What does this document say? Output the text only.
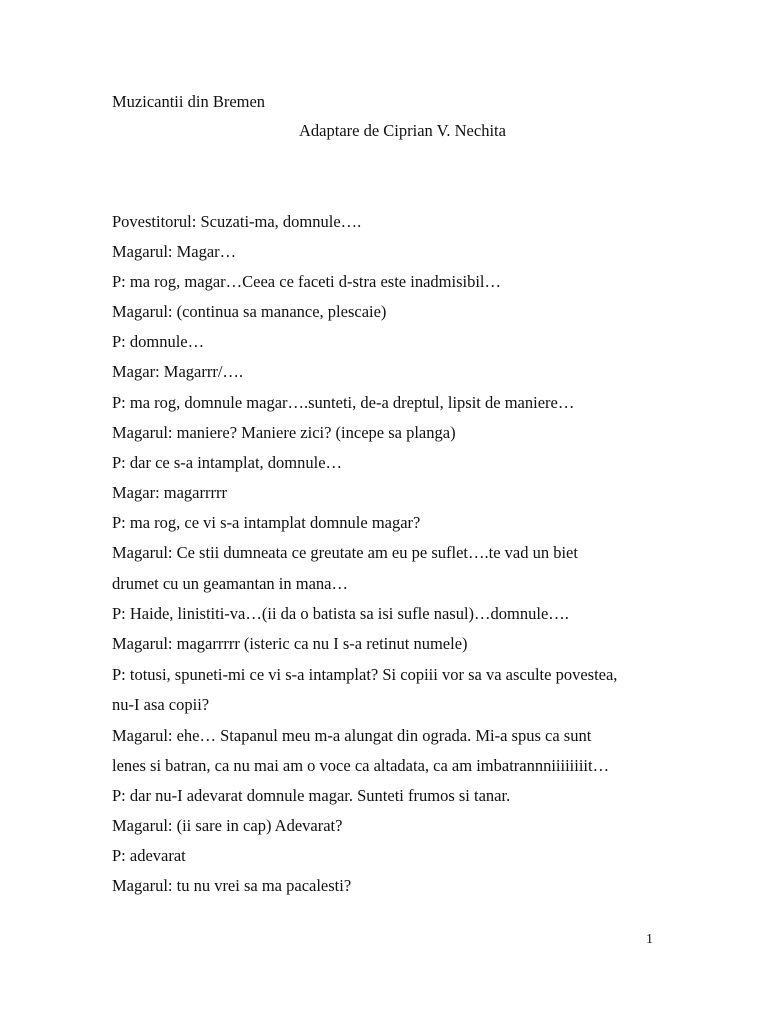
Muzicantii din Bremen
Adaptare de Ciprian V. Nechita
Povestitorul: Scuzati-ma, domnule….
Magarul: Magar…
P: ma rog, magar…Ceea ce faceti d-stra este inadmisibil…
Magarul: (continua sa manance, plescaie)
P: domnule…
Magar: Magarrr/….
P: ma rog, domnule magar….sunteti, de-a dreptul, lipsit de maniere…
Magarul: maniere? Maniere zici? (incepe sa planga)
P: dar ce s-a intamplat, domnule…
Magar: magarrrrr
P: ma rog, ce vi s-a intamplat domnule magar?
Magarul: Ce stii dumneata ce greutate am eu pe suflet….te vad un biet
drumet cu un geamantan in mana…
P: Haide, linistiti-va…(ii da o batista sa isi sufle nasul)…domnule….
Magarul: magarrrrr (isteric ca nu I s-a retinut numele)
P: totusi, spuneti-mi ce vi s-a intamplat? Si copiii vor sa va asculte povestea,
nu-I asa copii?
Magarul: ehe… Stapanul meu m-a alungat din ograda. Mi-a spus ca sunt
lenes si batran, ca nu mai am o voce ca altadata, ca am imbatrannniiiiiiiit…
P: dar nu-I adevarat domnule magar. Sunteti frumos si tanar.
Magarul: (ii sare in cap) Adevarat?
P: adevarat
Magarul: tu nu vrei sa ma pacalesti?
1
